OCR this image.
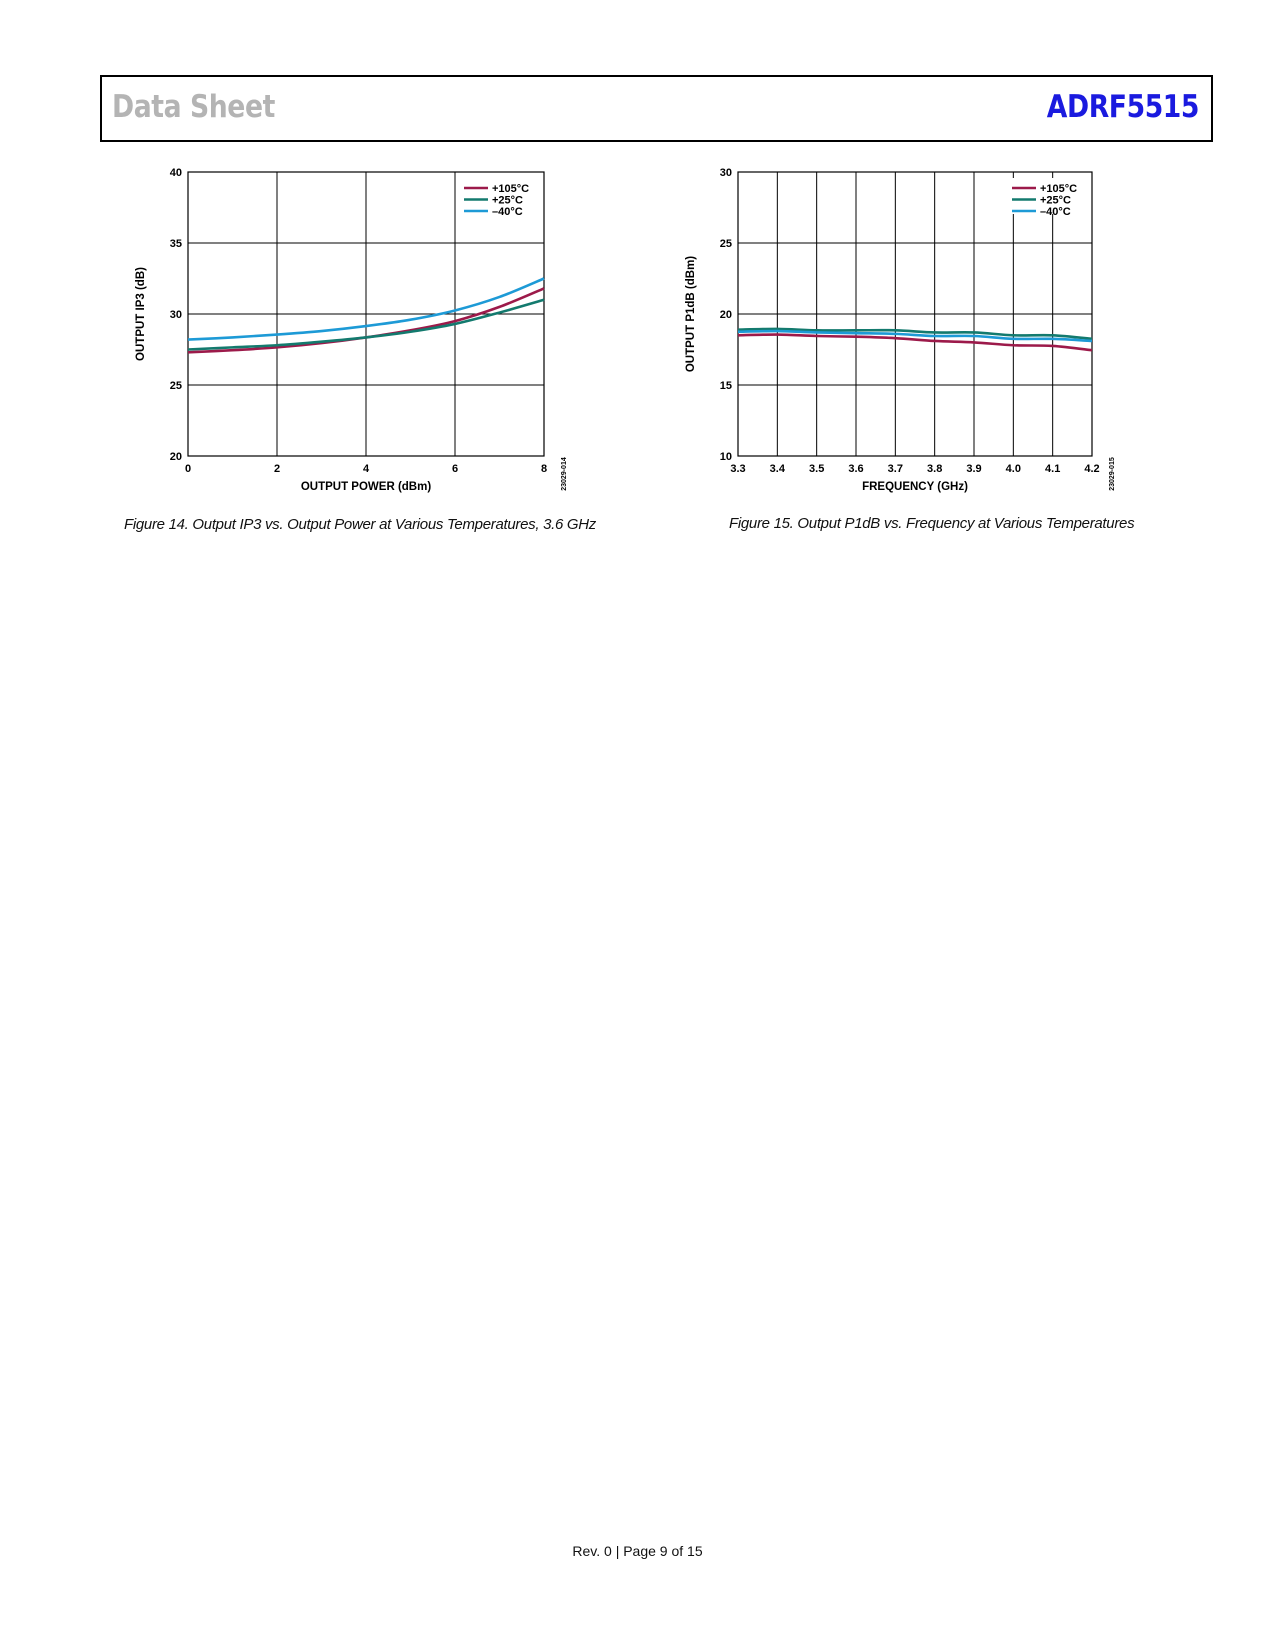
Data Sheet	ADRF5515
0	2	4	6	8
20
25
30
35
40
+105°C
+25°C
–40°C
OUTPUT POWER (dBm)
OUTPUT IP3 (dB)
23029-014
Figure 14. Output IP3 vs. Output Power at Various Temperatures, 3.6 GHz
3.3 3.4 3.5 3.6 3.7 3.8 3.9 4.0 4.1 4.2
10
15
20
25
30
+105°C
+25°C
–40°C
FREQUENCY (GHz)
OUTPUT P1dB (dBm)
23029-015
Figure 15. Output P1dB vs. Frequency at Various Temperatures
Rev. 0 | Page 9 of 15
